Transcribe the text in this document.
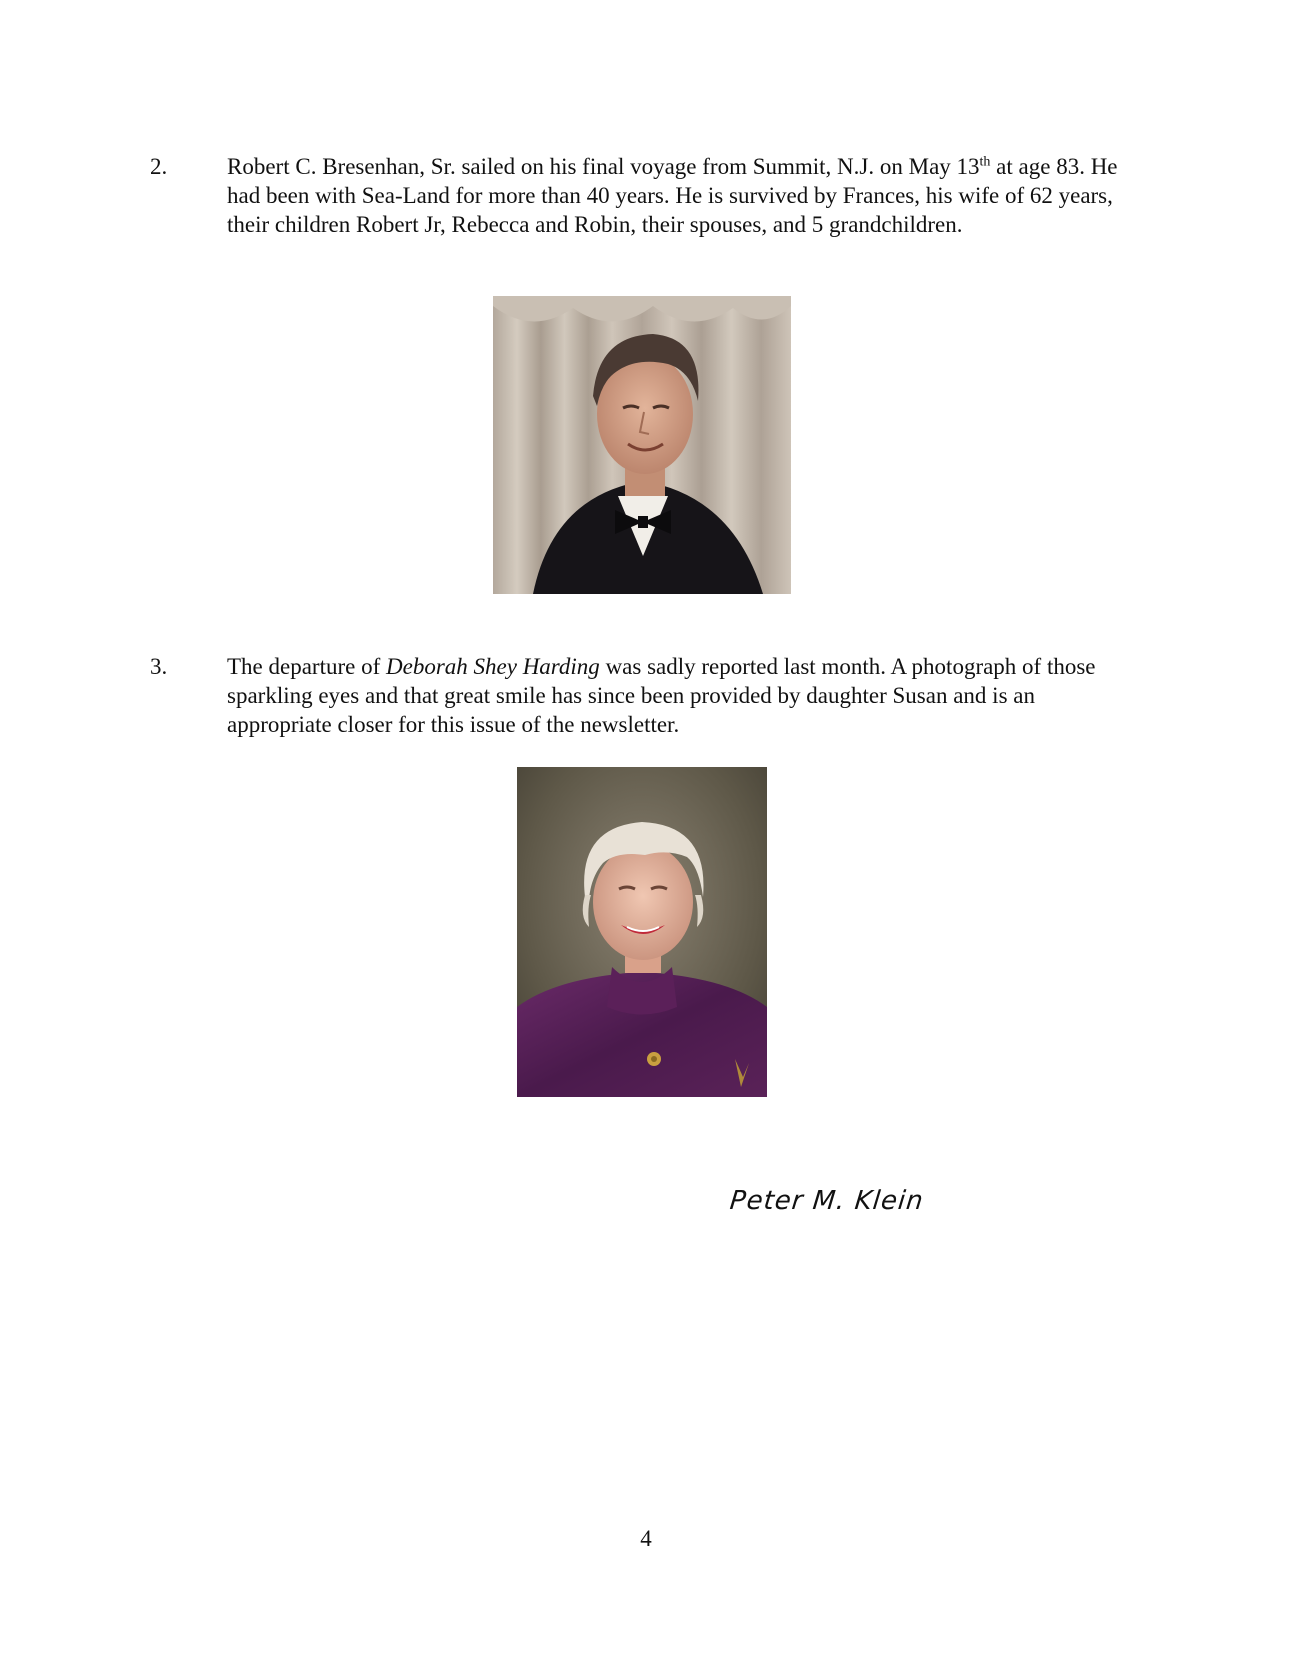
2.	Robert C. Bresenhan, Sr. sailed on his final voyage from Summit, N.J. on May 13th at age 83. He had been with Sea-Land for more than 40 years. He is survived by Frances, his wife of 62 years, their children Robert Jr, Rebecca and Robin, their spouses, and 5 grandchildren.
3.	The departure of Deborah Shey Harding was sadly reported last month. A photograph of those sparkling eyes and that great smile has since been provided by daughter Susan and is an appropriate closer for this issue of the newsletter.
Peter M. Klein
4
